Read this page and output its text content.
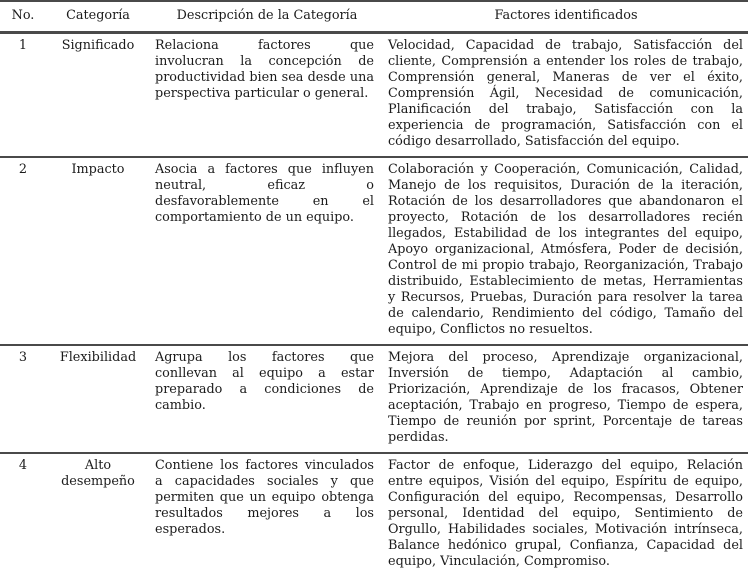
No.	Categoría	Descripción de la Categoría	Factores identificados
1	Significado	Relaciona factores que involucran la concepción de productividad bien sea desde una perspectiva particular o general.	Velocidad, Capacidad de trabajo, Satisfacción del cliente, Comprensión a entender los roles de trabajo, Comprensión general, Maneras de ver el éxito, Comprensión Ágil, Necesidad de comunicación, Planificación del trabajo, Satisfacción con la experiencia de programación, Satisfacción con el código desarrollado, Satisfacción del equipo.
2	Impacto	Asocia a factores que influyen neutral, eficaz o desfavorablemente en el comportamiento de un equipo.	Colaboración y Cooperación, Comunicación, Calidad, Manejo de los requisitos, Duración de la iteración, Rotación de los desarrolladores que abandonaron el proyecto, Rotación de los desarrolladores recién llegados, Estabilidad de los integrantes del equipo, Apoyo organizacional, Atmósfera, Poder de decisión, Control de mi propio trabajo, Reorganización, Trabajo distribuido, Establecimiento de metas, Herramientas y Recursos, Pruebas, Duración para resolver la tarea de calendario, Rendimiento del código, Tamaño del equipo, Conflictos no resueltos.
3	Flexibilidad	Agrupa los factores que conllevan al equipo a estar preparado a condiciones de cambio.	Mejora del proceso, Aprendizaje organizacional, Inversión de tiempo, Adaptación al cambio, Priorización, Aprendizaje de los fracasos, Obtener aceptación, Trabajo en progreso, Tiempo de espera, Tiempo de reunión por sprint, Porcentaje de tareas perdidas.
4	Alto desempeño	Contiene los factores vinculados a capacidades sociales y que permiten que un equipo obtenga resultados mejores a los esperados.	Factor de enfoque, Liderazgo del equipo, Relación entre equipos, Visión del equipo, Espíritu de equipo, Configuración del equipo, Recompensas, Desarrollo personal, Identidad del equipo, Sentimiento de Orgullo, Habilidades sociales, Motivación intrínseca, Balance hedónico grupal, Confianza, Capacidad del equipo, Vinculación, Compromiso.
